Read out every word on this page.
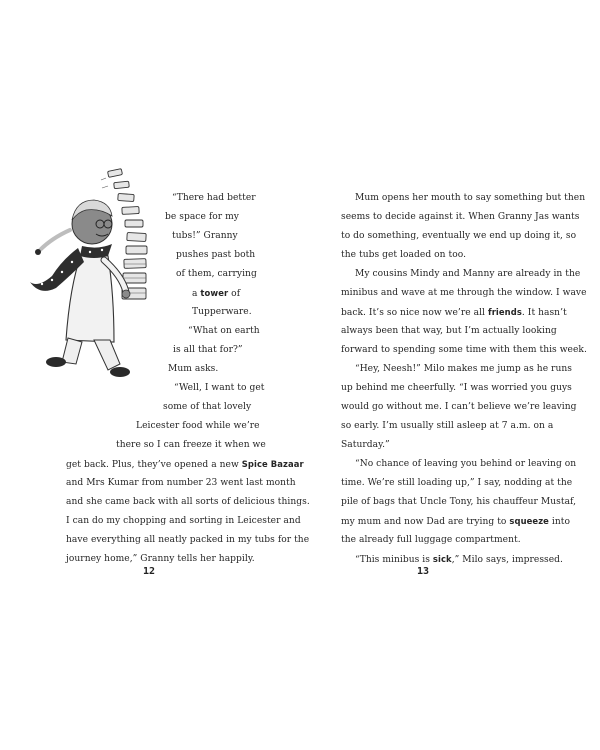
“There had better
be space for my
tubs!” Granny
pushes past both
of them, carrying
a tower of
Tupperware.
“What on earth
is all that for?”
Mum asks.
“Well, I want to get
some of that lovely
Leicester food while we’re
there so I can freeze it when we
get back. Plus, they’ve opened a new Spice Bazaar
and Mrs Kumar from number 23 went last month
and she came back with all sorts of delicious things.
I can do my chopping and sorting in Leicester and
have everything all neatly packed in my tubs for the
journey home,” Granny tells her happily.
12
Mum opens her mouth to say something but then
seems to decide against it. When Granny Jas wants
to do something, eventually we end up doing it, so
the tubs get loaded on too.
My cousins Mindy and Manny are already in the
minibus and wave at me through the window. I wave
back. It’s so nice now we’re all friends. It hasn’t
always been that way, but I’m actually looking
forward to spending some time with them this week.
“Hey, Neesh!” Milo makes me jump as he runs
up behind me cheerfully. “I was worried you guys
would go without me. I can’t believe we’re leaving
so early. I’m usually still asleep at 7 a.m. on a
Saturday.”
“No chance of leaving you behind or leaving on
time. We’re still loading up,” I say, nodding at the
pile of bags that Uncle Tony, his chauffeur Mustaf,
my mum and now Dad are trying to squeeze into
the already full luggage compartment.
“This minibus is sick,” Milo says, impressed.
13
